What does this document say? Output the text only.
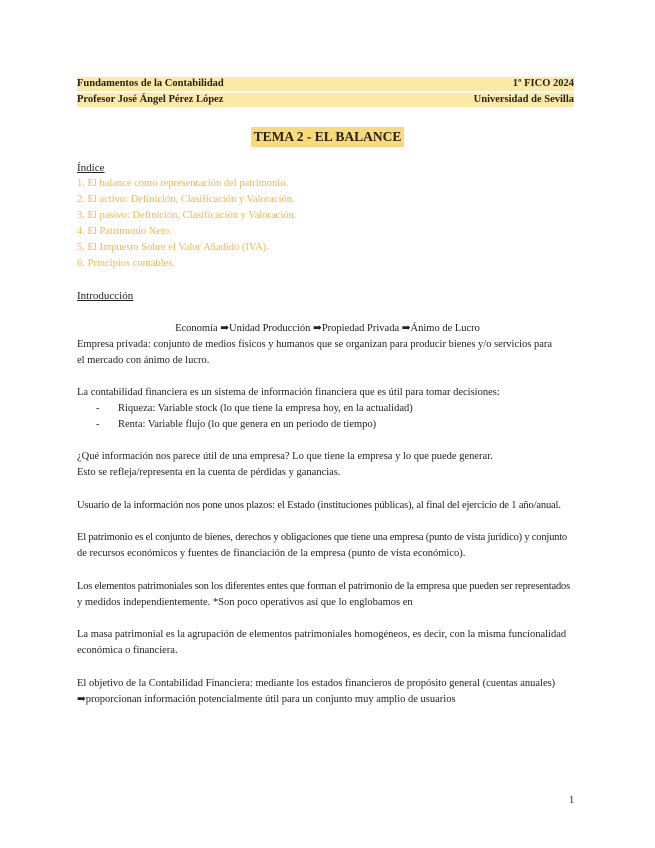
Fundamentos de la Contabilidad	1º FICO 2024
Profesor José Ángel Pérez López	Universidad de Sevilla
TEMA 2 - EL BALANCE
Índice
1. El balance como representación del patrimonio.
2. El activo: Definición, Clasificación y Valoración.
3. El pasivo: Definición, Clasificación y Valoración.
4. El Patrimonio Neto.
5. El Impuesto Sobre el Valor Añadido (IVA).
6. Principios contables.
Introducción
Economía ➡Unidad Producción ➡Propiedad Privada ➡Ánimo de Lucro
Empresa privada: conjunto de medios físicos y humanos que se organizan para producir bienes y/o servicios para
el mercado con ánimo de lucro.
La contabilidad financiera es un sistema de información financiera que es útil para tomar decisiones:
- Riqueza: Variable stock (lo que tiene la empresa hoy, en la actualidad)
- Renta: Variable flujo (lo que genera en un periodo de tiempo)
¿Qué información nos parece útil de una empresa? Lo que tiene la empresa y lo que puede generar.
Esto se refleja/representa en la cuenta de pérdidas y ganancias.
Usuario de la información nos pone unos plazos: el Estado (instituciones públicas), al final del ejercicio de 1 año/anual.
El patrimonio es el conjunto de bienes, derechos y obligaciones que tiene una empresa (punto de vista jurídico) y conjunto
de recursos económicos y fuentes de financiación de la empresa (punto de vista económico).
Los elementos patrimoniales son los diferentes entes que forman el patrimonio de la empresa que pueden ser representados
y medidos independientemente. *Son poco operativos así que lo englobamos en
La masa patrimonial es la agrupación de elementos patrimoniales homogéneos, es decir, con la misma funcionalidad
económica o financiera.
El objetivo de la Contabilidad Financiera: mediante los estados financieros de propósito general (cuentas anuales)
➡proporcionan información potencialmente útil para un conjunto muy amplio de usuarios
1
